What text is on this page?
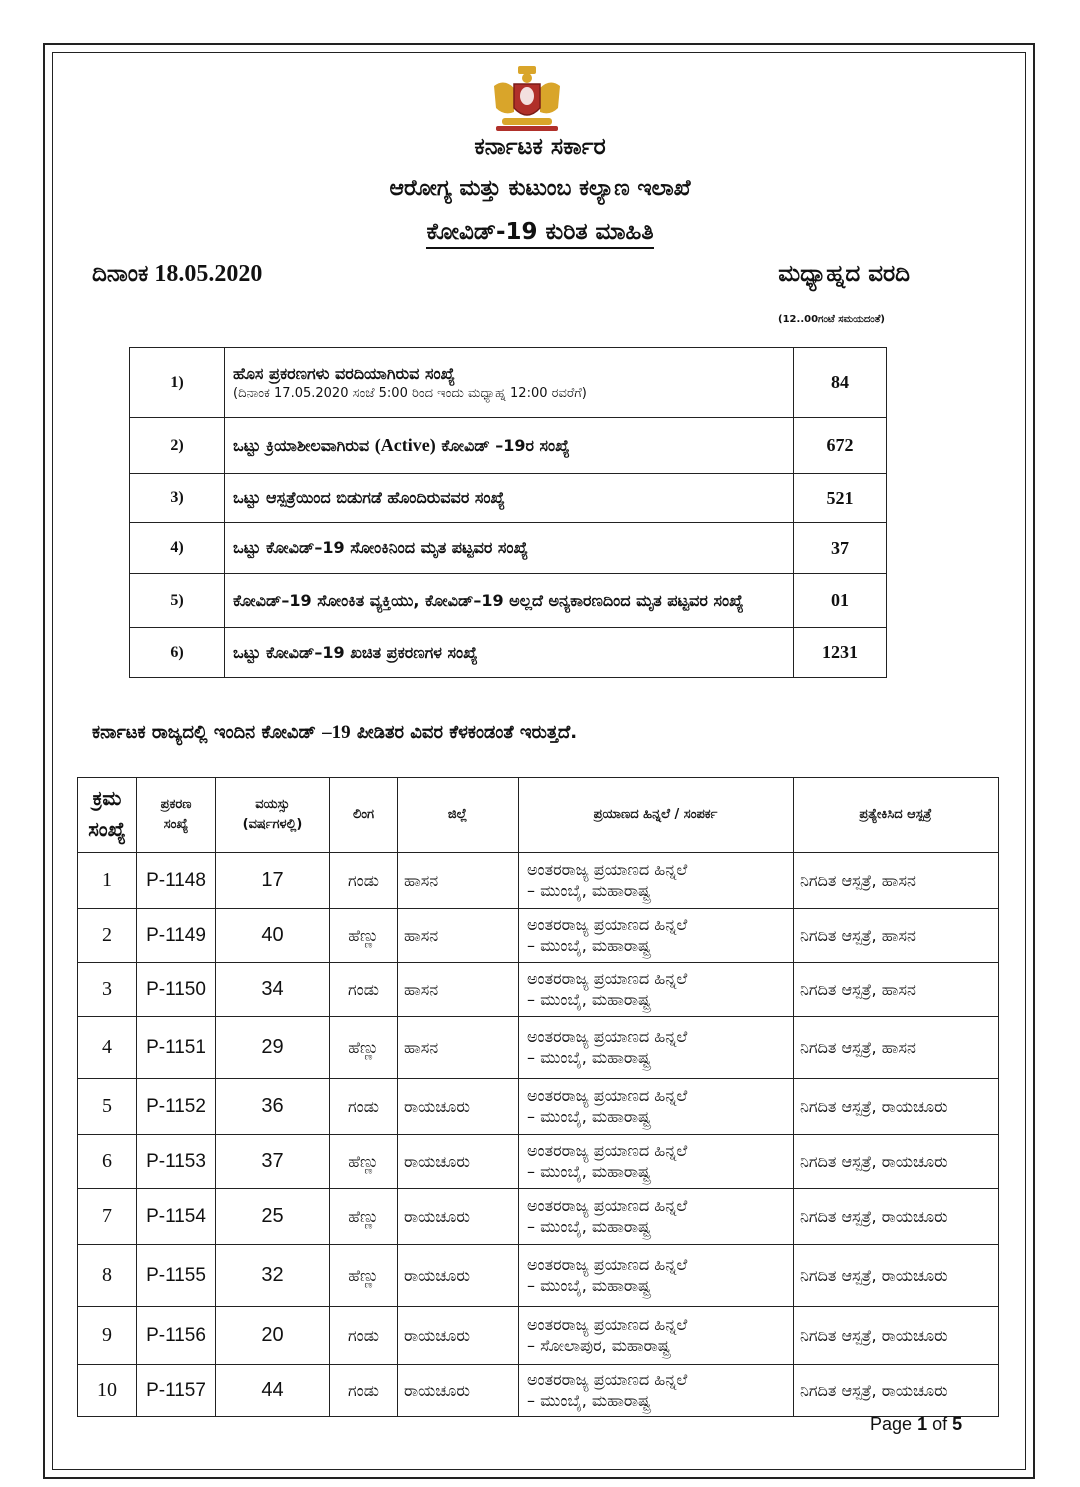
ಕರ್ನಾಟಕ ಸರ್ಕಾರ
ಆರೋಗ್ಯ ಮತ್ತು ಕುಟುಂಬ ಕಲ್ಯಾಣ ಇಲಾಖೆ
ಕೋವಿಡ್-19 ಕುರಿತ ಮಾಹಿತಿ
ದಿನಾಂಕ 18.05.2020	ಮಧ್ಯಾಹ್ನದ ವರದಿ
(12..00ಗಂಟೆ ಸಮಯದಂತೆ)
1)	ಹೊಸ ಪ್ರಕರಣಗಳು ವರದಿಯಾಗಿರುವ ಸಂಖ್ಯೆ
(ದಿನಾಂಕ 17.05.2020 ಸಂಜೆ 5:00 ರಿಂದ ಇಂದು ಮಧ್ಯಾಹ್ನ 12:00 ರವರೆಗೆ)	84
2)	ಒಟ್ಟು ಕ್ರಿಯಾಶೀಲವಾಗಿರುವ (Active) ಕೋವಿಡ್ –19ರ ಸಂಖ್ಯೆ	672
3)	ಒಟ್ಟು ಆಸ್ಪತ್ರೆಯಿಂದ ಬಿಡುಗಡೆ ಹೊಂದಿರುವವರ ಸಂಖ್ಯೆ	521
4)	ಒಟ್ಟು ಕೋವಿಡ್–19 ಸೋಂಕಿನಿಂದ ಮೃತ ಪಟ್ಟವರ ಸಂಖ್ಯೆ	37
5)	ಕೋವಿಡ್–19 ಸೋಂಕಿತ ವ್ಯಕ್ತಿಯು, ಕೋವಿಡ್–19 ಅಲ್ಲದೆ ಅನ್ಯಕಾರಣದಿಂದ ಮೃತ ಪಟ್ಟವರ ಸಂಖ್ಯೆ	01
6)	ಒಟ್ಟು ಕೋವಿಡ್–19 ಖಚಿತ ಪ್ರಕರಣಗಳ ಸಂಖ್ಯೆ	1231
ಕರ್ನಾಟಕ ರಾಜ್ಯದಲ್ಲಿ ಇಂದಿನ ಕೋವಿಡ್ –19 ಪೀಡಿತರ ವಿವರ ಕೆಳಕಂಡಂತೆ ಇರುತ್ತದೆ.
ಕ್ರಮ
ಸಂಖ್ಯೆ	ಪ್ರಕರಣ
ಸಂಖ್ಯೆ	ವಯಸ್ಸು
(ವರ್ಷಗಳಲ್ಲಿ)	ಲಿಂಗ	ಜಿಲ್ಲೆ	ಪ್ರಯಾಣದ ಹಿನ್ನಲೆ / ಸಂಪರ್ಕ	ಪ್ರತ್ಯೇಕಿಸಿದ ಆಸ್ಪತ್ರೆ
1	P-1148	17	ಗಂಡು	ಹಾಸನ	ಅಂತರರಾಜ್ಯ ಪ್ರಯಾಣದ ಹಿನ್ನಲೆ
– ಮುಂಬೈ, ಮಹಾರಾಷ್ಟ್ರ	ನಿಗದಿತ ಆಸ್ಪತ್ರೆ, ಹಾಸನ
2	P-1149	40	ಹೆಣ್ಣು	ಹಾಸನ	ಅಂತರರಾಜ್ಯ ಪ್ರಯಾಣದ ಹಿನ್ನಲೆ
– ಮುಂಬೈ, ಮಹಾರಾಷ್ಟ್ರ	ನಿಗದಿತ ಆಸ್ಪತ್ರೆ, ಹಾಸನ
3	P-1150	34	ಗಂಡು	ಹಾಸನ	ಅಂತರರಾಜ್ಯ ಪ್ರಯಾಣದ ಹಿನ್ನಲೆ
– ಮುಂಬೈ, ಮಹಾರಾಷ್ಟ್ರ	ನಿಗದಿತ ಆಸ್ಪತ್ರೆ, ಹಾಸನ
4	P-1151	29	ಹೆಣ್ಣು	ಹಾಸನ	ಅಂತರರಾಜ್ಯ ಪ್ರಯಾಣದ ಹಿನ್ನಲೆ
– ಮುಂಬೈ, ಮಹಾರಾಷ್ಟ್ರ	ನಿಗದಿತ ಆಸ್ಪತ್ರೆ, ಹಾಸನ
5	P-1152	36	ಗಂಡು	ರಾಯಚೂರು	ಅಂತರರಾಜ್ಯ ಪ್ರಯಾಣದ ಹಿನ್ನಲೆ
– ಮುಂಬೈ, ಮಹಾರಾಷ್ಟ್ರ	ನಿಗದಿತ ಆಸ್ಪತ್ರೆ, ರಾಯಚೂರು
6	P-1153	37	ಹೆಣ್ಣು	ರಾಯಚೂರು	ಅಂತರರಾಜ್ಯ ಪ್ರಯಾಣದ ಹಿನ್ನಲೆ
– ಮುಂಬೈ, ಮಹಾರಾಷ್ಟ್ರ	ನಿಗದಿತ ಆಸ್ಪತ್ರೆ, ರಾಯಚೂರು
7	P-1154	25	ಹೆಣ್ಣು	ರಾಯಚೂರು	ಅಂತರರಾಜ್ಯ ಪ್ರಯಾಣದ ಹಿನ್ನಲೆ
– ಮುಂಬೈ, ಮಹಾರಾಷ್ಟ್ರ	ನಿಗದಿತ ಆಸ್ಪತ್ರೆ, ರಾಯಚೂರು
8	P-1155	32	ಹೆಣ್ಣು	ರಾಯಚೂರು	ಅಂತರರಾಜ್ಯ ಪ್ರಯಾಣದ ಹಿನ್ನಲೆ
– ಮುಂಬೈ, ಮಹಾರಾಷ್ಟ್ರ	ನಿಗದಿತ ಆಸ್ಪತ್ರೆ, ರಾಯಚೂರು
9	P-1156	20	ಗಂಡು	ರಾಯಚೂರು	ಅಂತರರಾಜ್ಯ ಪ್ರಯಾಣದ ಹಿನ್ನಲೆ
– ಸೋಲಾಪುರ, ಮಹಾರಾಷ್ಟ್ರ	ನಿಗದಿತ ಆಸ್ಪತ್ರೆ, ರಾಯಚೂರು
10	P-1157	44	ಗಂಡು	ರಾಯಚೂರು	ಅಂತರರಾಜ್ಯ ಪ್ರಯಾಣದ ಹಿನ್ನಲೆ
– ಮುಂಬೈ, ಮಹಾರಾಷ್ಟ್ರ	ನಿಗದಿತ ಆಸ್ಪತ್ರೆ, ರಾಯಚೂರು
Page 1 of 5
